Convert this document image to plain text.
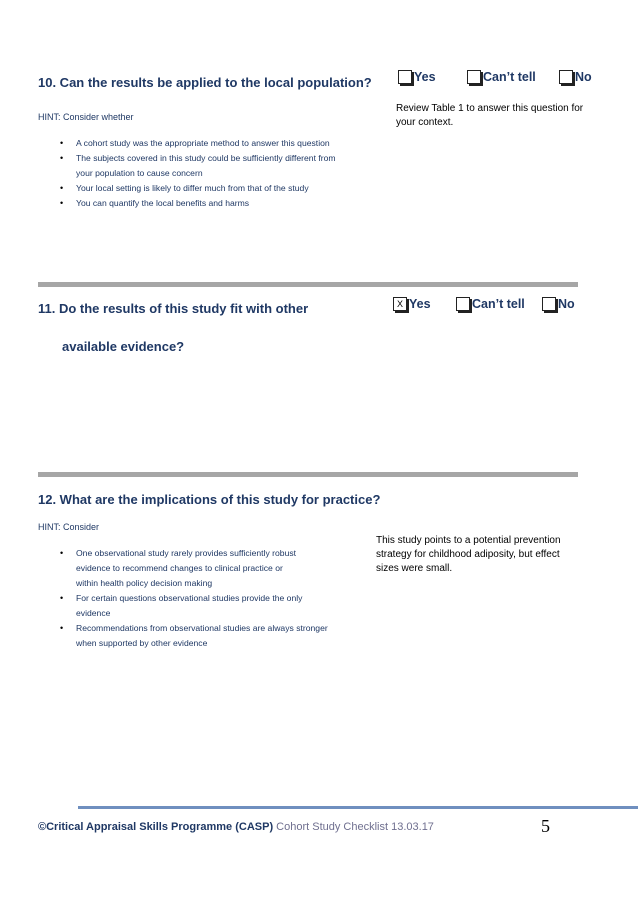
10. Can the results be applied to the local population?	Yes	Can’t tell	No
HINT: Consider whether
Review Table 1 to answer this question for
your context.
• A cohort study was the appropriate method to answer this question
• The subjects covered in this study could be sufficiently different from
your population to cause concern
• Your local setting is likely to differ much from that of the study
• You can quantify the local benefits and harms
11. Do the results of this study fit with other
available evidence?
X Yes	Can’t tell	No
12. What are the implications of this study for practice?
HINT: Consider
This study points to a potential prevention
strategy for childhood adiposity, but effect
sizes were small.
• One observational study rarely provides sufficiently robust
evidence to recommend changes to clinical practice or
within health policy decision making
• For certain questions observational studies provide the only
evidence
• Recommendations from observational studies are always stronger
when supported by other evidence
©Critical Appraisal Skills Programme (CASP) Cohort Study Checklist 13.03.17	5
